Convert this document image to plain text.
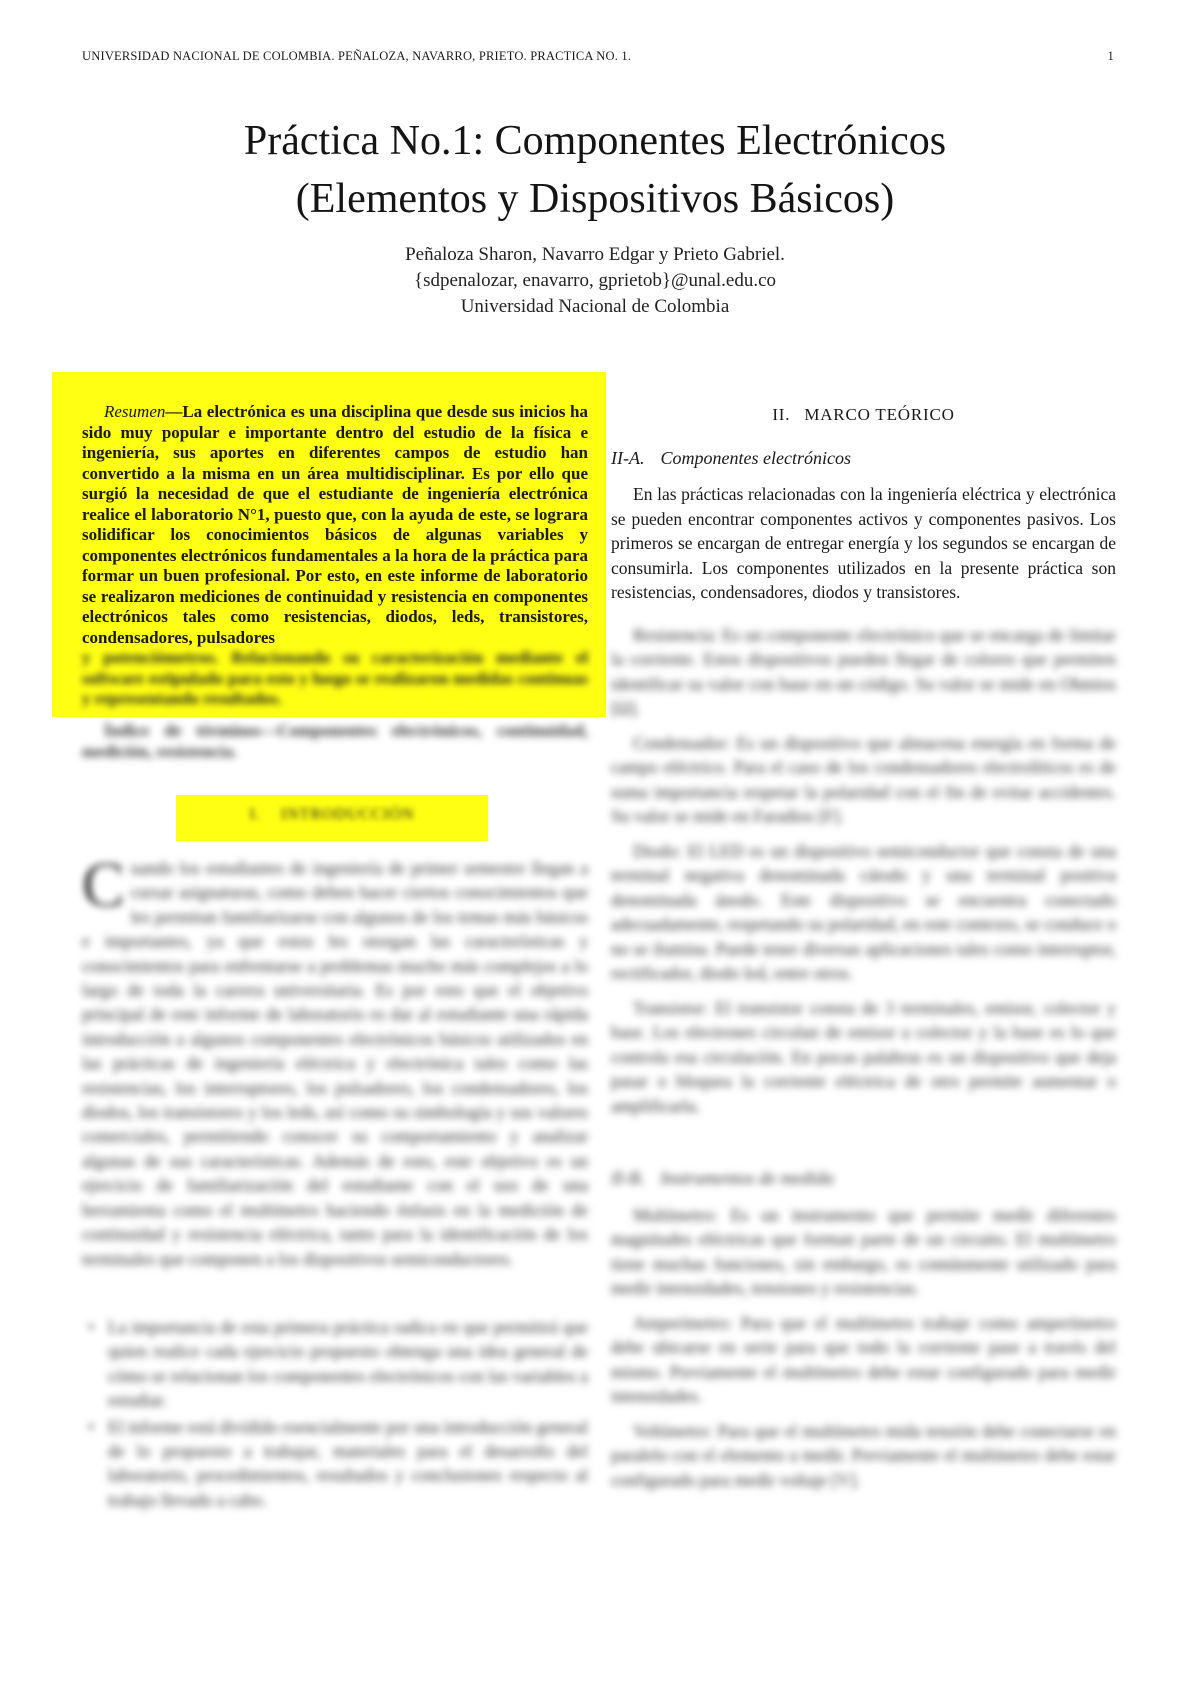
UNIVERSIDAD NACIONAL DE COLOMBIA. PEÑALOZA, NAVARRO, PRIETO. PRACTICA NO. 1.	1
Práctica No.1: Componentes Electrónicos
(Elementos y Dispositivos Básicos)
Peñaloza Sharon, Navarro Edgar y Prieto Gabriel.
{sdpenalozar, enavarro, gprietob}@unal.edu.co
Universidad Nacional de Colombia
Resumen—La electrónica es una disciplina que desde sus inicios ha sido muy popular e importante dentro del estudio de la física e ingeniería, sus aportes en diferentes campos de estudio han convertido a la misma en un área multidisciplinar. Es por ello que surgió la necesidad de que el estudiante de ingeniería electrónica realice el laboratorio N°1, puesto que, con la ayuda de este, se lograra solidificar los conocimientos básicos de algunas variables y componentes electrónicos fundamentales a la hora de la práctica para formar un buen profesional. Por esto, en este informe de laboratorio se realizaron mediciones de continuidad y resistencia en componentes electrónicos tales como resistencias, diodos, leds, transistores, condensadores, pulsadores
y potenciómetros. Relacionando su caracterización mediante el software estipulado para esto y luego se realizaron medidas continuas y representando resultados.
Índice de términos—Componentes electrónicos, continuidad, medición, resistencia.
I. INTRODUCCIÓN
C uando los estudiantes de ingeniería de primer semestre llegan a cursar asignaturas, como deben hacer ciertos conocimientos que les permitan familiarizarse con algunos de los temas más básicos e importantes, ya que estos les otorgan las características y conocimientos para enfrentarse a problemas mucho más complejos a lo largo de toda la carrera universitaria. Es por esto que el objetivo principal de este informe de laboratorio es dar al estudiante una rápida introducción a algunos componentes electrónicos básicos utilizados en las prácticas de ingeniería eléctrica y electrónica tales como las resistencias, los interruptores, los pulsadores, los condensadores, los diodos, los transistores y los leds, así como su simbología y sus valores comerciales, permitiendo conocer su comportamiento y analizar algunas de sus características. Además de esto, este objetivo es un ejercicio de familiarización del estudiante con el uso de una herramienta como el multímetro haciendo énfasis en la medición de continuidad y resistencia eléctrica, tanto para la identificación de los terminales que componen a los dispositivos semiconductores.

• La importancia de esta primera práctica radica en que permitirá que quien realice cada ejercicio propuesto obtenga una idea general de cómo se relacionan los componentes electrónicos con las variables a estudiar.

• El informe está dividido esencialmente por una introducción general de lo propuesto a trabajar, materiales para el desarrollo del laboratorio, procedimientos, resultados y conclusiones respecto al trabajo llevado a cabo.

II. MARCO TEÓRICO
II-A. Componentes electrónicos

En las prácticas relacionadas con la ingeniería eléctrica y electrónica se pueden encontrar componentes activos y componentes pasivos. Los primeros se encargan de entregar energía y los segundos se encargan de consumirla. Los componentes utilizados en la presente práctica son resistencias, condensadores, diodos y transistores.

Resistencia: Es un componente electrónico que se encarga de limitar la corriente. Estos dispositivos pueden llegar de colores que permiten identificar su valor con base en un código. Su valor se mide en Ohmios [Ω].

Condensador: Es un dispositivo que almacena energía en forma de campo eléctrico. Para el caso de los condensadores electrolíticos es de suma importancia respetar la polaridad con el fin de evitar accidentes. Su valor se mide en Faradios [F].

Diodo: El LED es un dispositivo semiconductor que consta de una terminal negativa denominada cátodo y una terminal positiva denominada ánodo. Este dispositivo se encuentra conectado adecuadamente, respetando su polaridad, en este contexto, se conduce o no se ilumina. Puede tener diversas aplicaciones tales como interruptor, rectificador, diodo led, entre otros.

Transistor: El transistor consta de 3 terminales, emisor, colector y base. Los electrones circulan de emisor a colector y la base es lo que controla esa circulación. En pocas palabras es un dispositivo que deja pasar o bloquea la corriente eléctrica de otro permite aumentar o amplificarla.

II-B. Instrumentos de medida

Multímetro: Es un instrumento que permite medir diferentes magnitudes eléctricas que forman parte de un circuito. El multímetro tiene muchas funciones, sin embargo, es comúnmente utilizado para medir intensidades, tensiones y resistencias.

Amperímetro: Para que el multímetro trabaje como amperímetro debe ubicarse en serie para que todo la corriente pase a través del mismo. Previamente el multímetro debe estar configurado para medir intensidades.

Voltímetro: Para que el multímetro mida tensión debe conectarse en paralelo con el elemento a medir. Previamente el multímetro debe estar configurado para medir voltaje [V].
